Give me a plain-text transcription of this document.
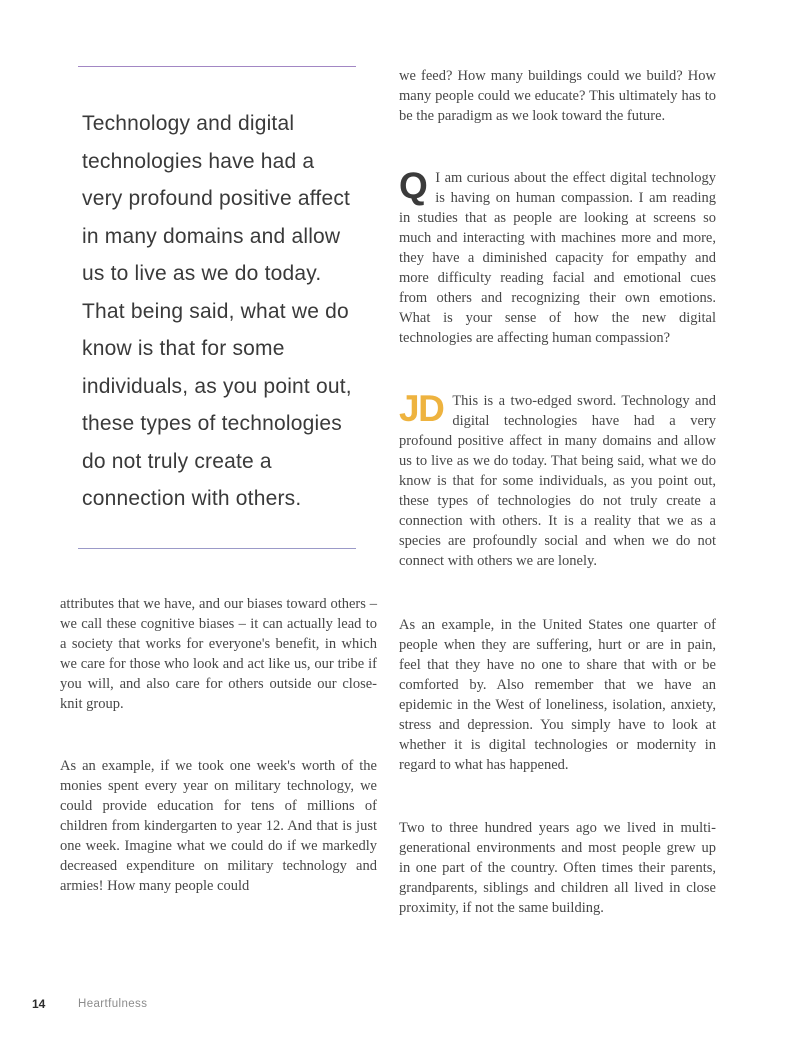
Technology and digital technologies have had a very profound positive affect in many domains and allow us to live as we do today. That being said, what we do know is that for some individuals, as you point out, these types of technologies do not truly create a connection with others.

attributes that we have, and our biases toward others – we call these cognitive biases – it can actually lead to a society that works for everyone's benefit, in which we care for those who look and act like us, our tribe if you will, and also care for others outside our close-knit group.

As an example, if we took one week's worth of the monies spent every year on military technology, we could provide education for tens of millions of children from kindergarten to year 12. And that is just one week. Imagine what we could do if we markedly decreased expenditure on military technology and armies! How many people could

we feed? How many buildings could we build? How many people could we educate? This ultimately has to be the paradigm as we look toward the future.

Q I am curious about the effect digital technology is having on human compassion. I am reading in studies that as people are looking at screens so much and interacting with machines more and more, they have a diminished capacity for empathy and more difficulty reading facial and emotional cues from others and recognizing their own emotions. What is your sense of how the new digital technologies are affecting human compassion?

JD This is a two-edged sword. Technology and digital technologies have had a very profound positive affect in many domains and allow us to live as we do today. That being said, what we do know is that for some individuals, as you point out, these types of technologies do not truly create a connection with others. It is a reality that we as a species are profoundly social and when we do not connect with others we are lonely.

As an example, in the United States one quarter of people when they are suffering, hurt or are in pain, feel that they have no one to share that with or be comforted by. Also remember that we have an epidemic in the West of loneliness, isolation, anxiety, stress and depression. You simply have to look at whether it is digital technologies or modernity in regard to what has happened.

Two to three hundred years ago we lived in multi-generational environments and most people grew up in one part of the country. Often times their parents, grandparents, siblings and children all lived in close proximity, if not the same building.

14	Heartfulness
